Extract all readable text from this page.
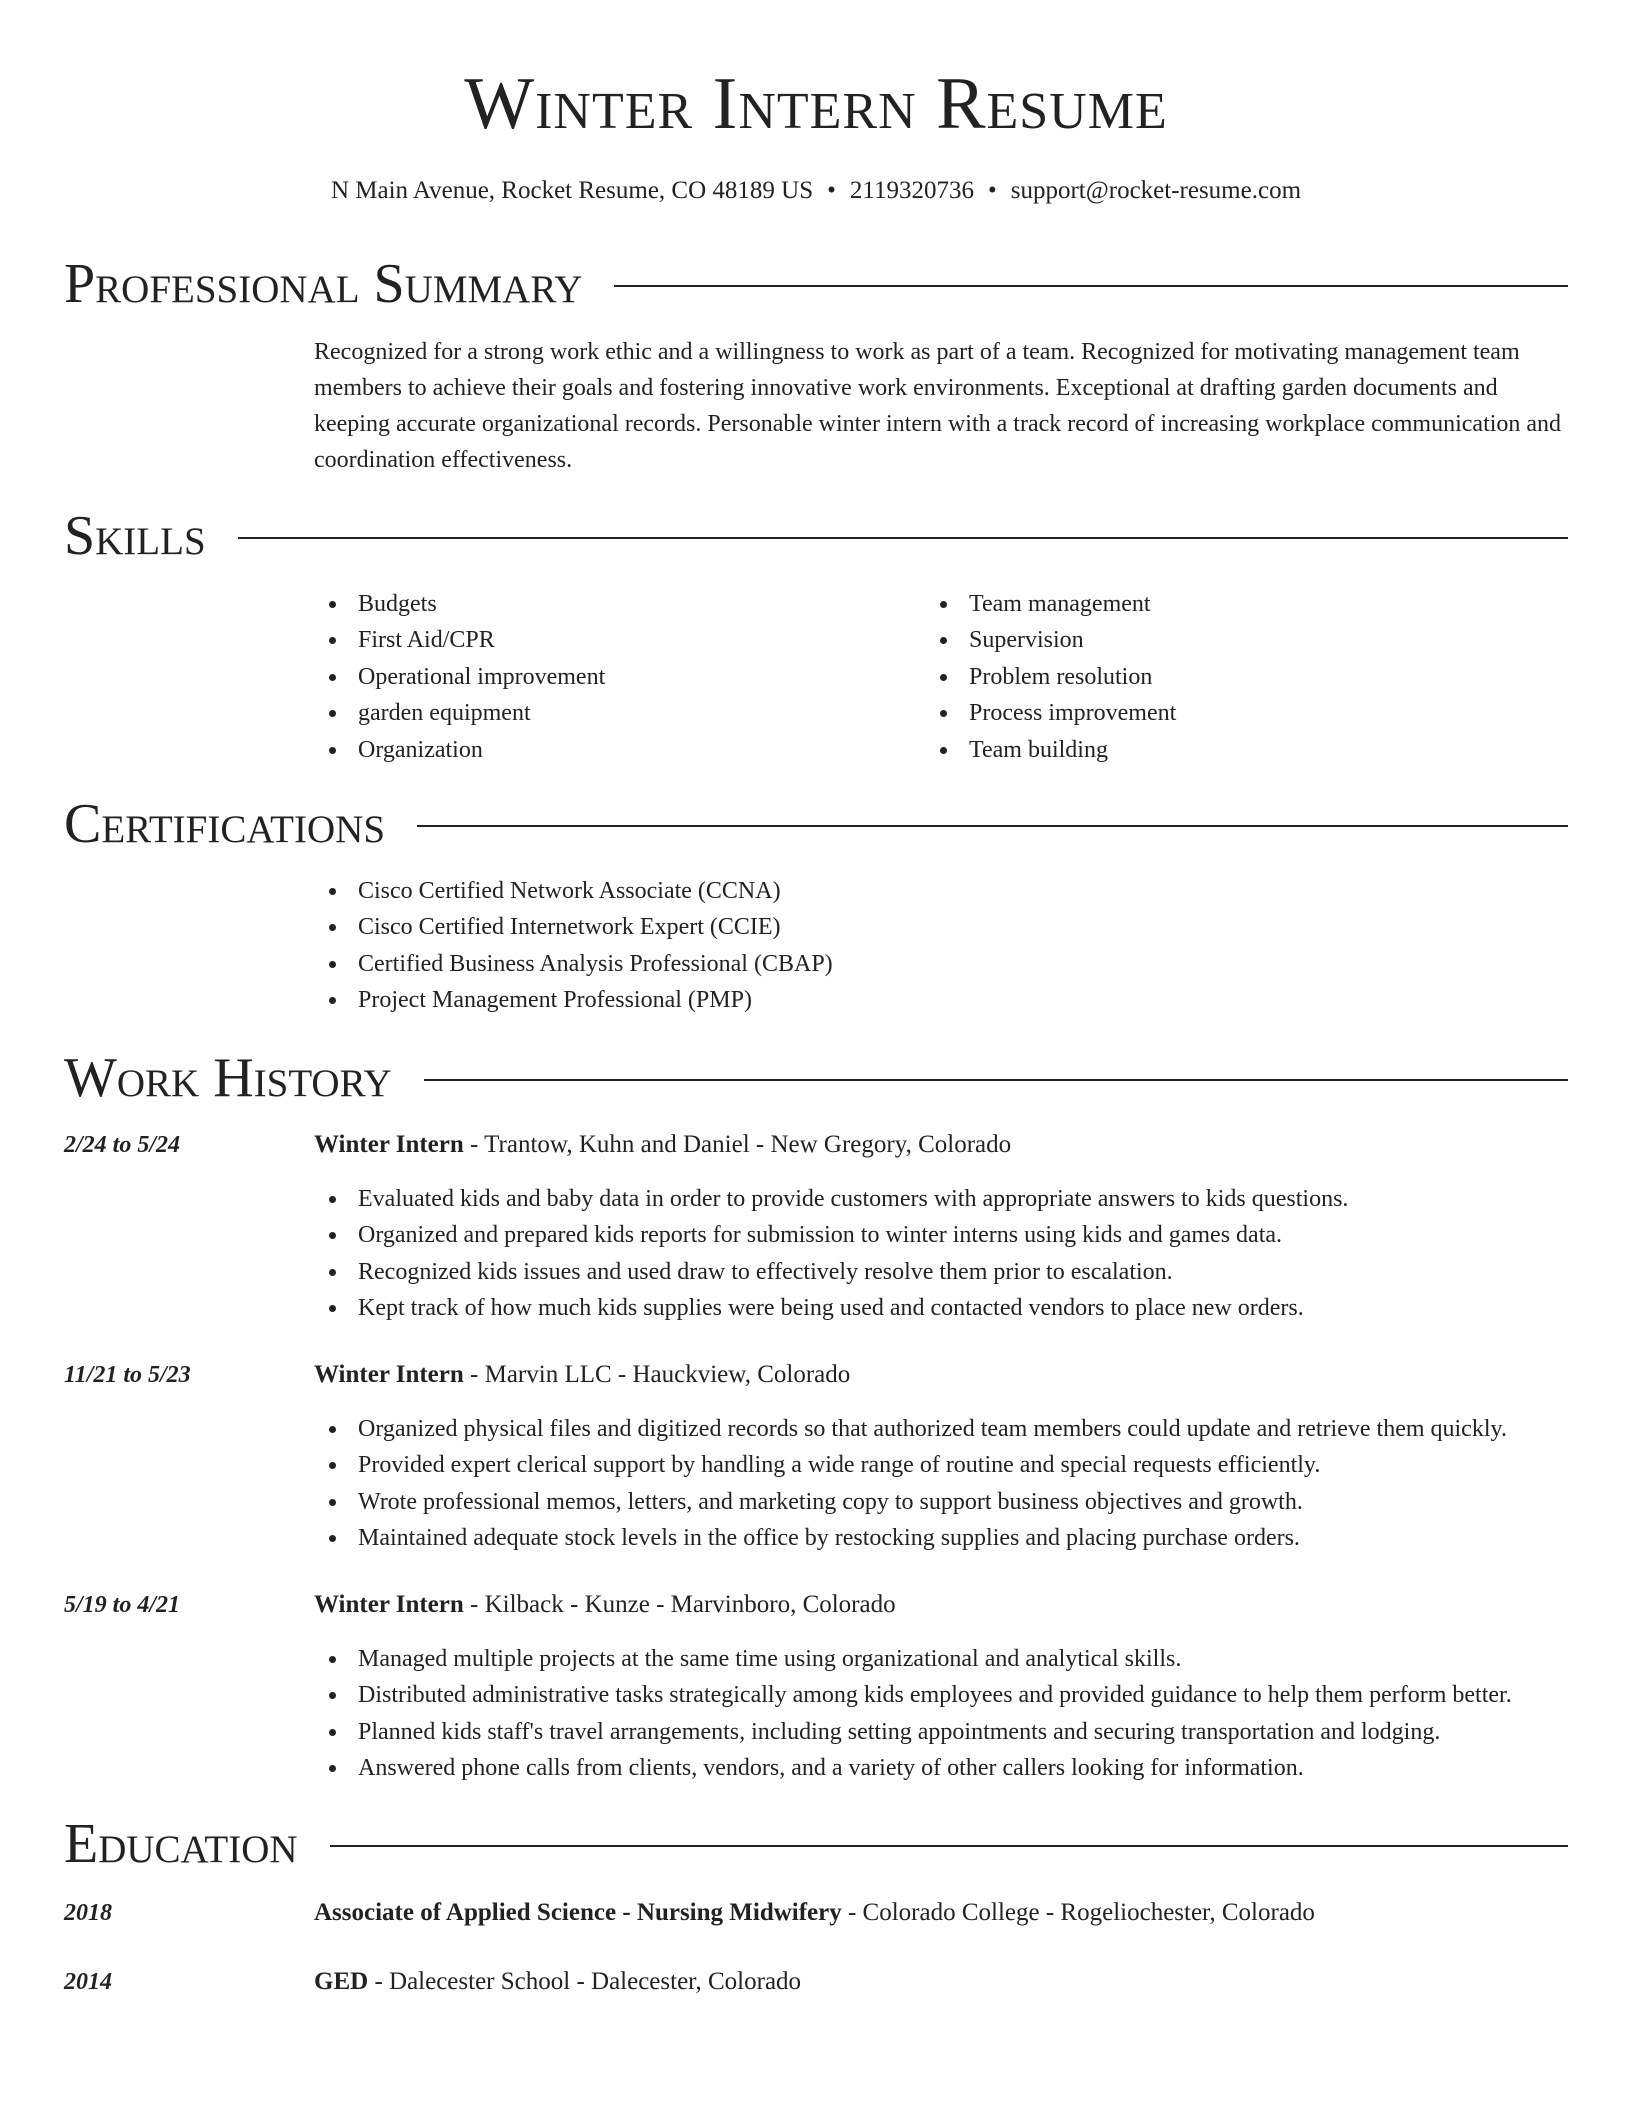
Winter Intern Resume
N Main Avenue, Rocket Resume, CO 48189 US • 2119320736 • support@rocket-resume.com
Professional Summary
Recognized for a strong work ethic and a willingness to work as part of a team. Recognized for motivating management team members to achieve their goals and fostering innovative work environments. Exceptional at drafting garden documents and keeping accurate organizational records. Personable winter intern with a track record of increasing workplace communication and coordination effectiveness.
Skills
Budgets
First Aid/CPR
Operational improvement
garden equipment
Organization
Team management
Supervision
Problem resolution
Process improvement
Team building
Certifications
Cisco Certified Network Associate (CCNA)
Cisco Certified Internetwork Expert (CCIE)
Certified Business Analysis Professional (CBAP)
Project Management Professional (PMP)
Work History
2/24 to 5/24	Winter Intern - Trantow, Kuhn and Daniel - New Gregory, Colorado
Evaluated kids and baby data in order to provide customers with appropriate answers to kids questions.
Organized and prepared kids reports for submission to winter interns using kids and games data.
Recognized kids issues and used draw to effectively resolve them prior to escalation.
Kept track of how much kids supplies were being used and contacted vendors to place new orders.
11/21 to 5/23	Winter Intern - Marvin LLC - Hauckview, Colorado
Organized physical files and digitized records so that authorized team members could update and retrieve them quickly.
Provided expert clerical support by handling a wide range of routine and special requests efficiently.
Wrote professional memos, letters, and marketing copy to support business objectives and growth.
Maintained adequate stock levels in the office by restocking supplies and placing purchase orders.
5/19 to 4/21	Winter Intern - Kilback - Kunze - Marvinboro, Colorado
Managed multiple projects at the same time using organizational and analytical skills.
Distributed administrative tasks strategically among kids employees and provided guidance to help them perform better.
Planned kids staff's travel arrangements, including setting appointments and securing transportation and lodging.
Answered phone calls from clients, vendors, and a variety of other callers looking for information.
Education
2018	Associate of Applied Science - Nursing Midwifery - Colorado College - Rogeliochester, Colorado
2014	GED - Dalecester School - Dalecester, Colorado
